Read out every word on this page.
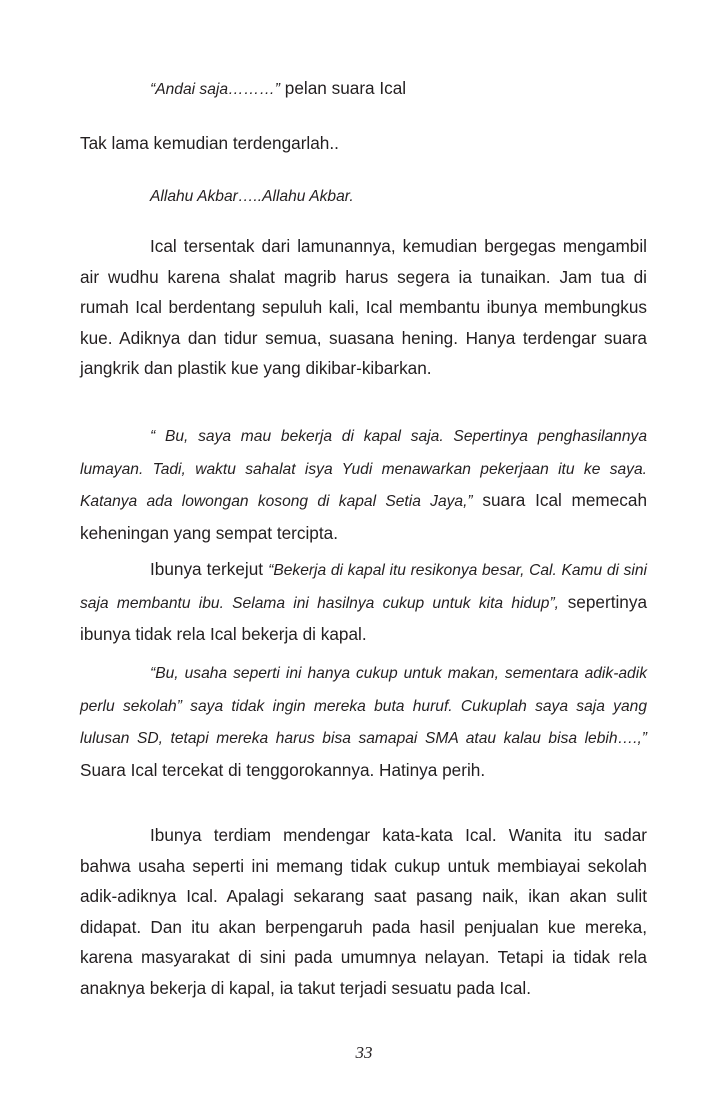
“Andai saja………” pelan suara Ical

Tak lama kemudian terdengarlah..

Allahu Akbar…..Allahu Akbar.

Ical tersentak dari lamunannya, kemudian bergegas mengambil air wudhu karena shalat magrib harus segera ia tunaikan. Jam tua di rumah Ical berdentang sepuluh kali, Ical membantu ibunya membungkus kue. Adiknya dan tidur semua, suasana hening. Hanya terdengar suara jangkrik dan plastik kue yang dikibar-kibarkan.

“ Bu, saya mau bekerja di kapal saja. Sepertinya penghasilannya lumayan. Tadi, waktu sahalat isya Yudi menawarkan pekerjaan itu ke saya. Katanya ada lowongan kosong di kapal Setia Jaya,” suara Ical memecah keheningan yang sempat tercipta.

Ibunya terkejut “Bekerja di kapal itu resikonya besar, Cal. Kamu di sini saja membantu ibu. Selama ini hasilnya cukup untuk kita hidup”, sepertinya ibunya tidak rela Ical bekerja di kapal.

“Bu, usaha seperti ini hanya cukup untuk makan, sementara adik-adik perlu sekolah” saya tidak ingin mereka buta huruf. Cukuplah saya saja yang lulusan SD, tetapi mereka harus bisa samapai SMA atau kalau bisa lebih….,” Suara Ical tercekat di tenggorokannya. Hatinya perih.

Ibunya terdiam mendengar kata-kata Ical. Wanita itu sadar bahwa usaha seperti ini memang tidak cukup untuk membiayai sekolah adik-adiknya Ical. Apalagi sekarang saat pasang naik, ikan akan sulit didapat. Dan itu akan berpengaruh pada hasil penjualan kue mereka, karena masyarakat di sini pada umumnya nelayan. Tetapi ia tidak rela anaknya bekerja di kapal, ia takut terjadi sesuatu pada Ical.

33
